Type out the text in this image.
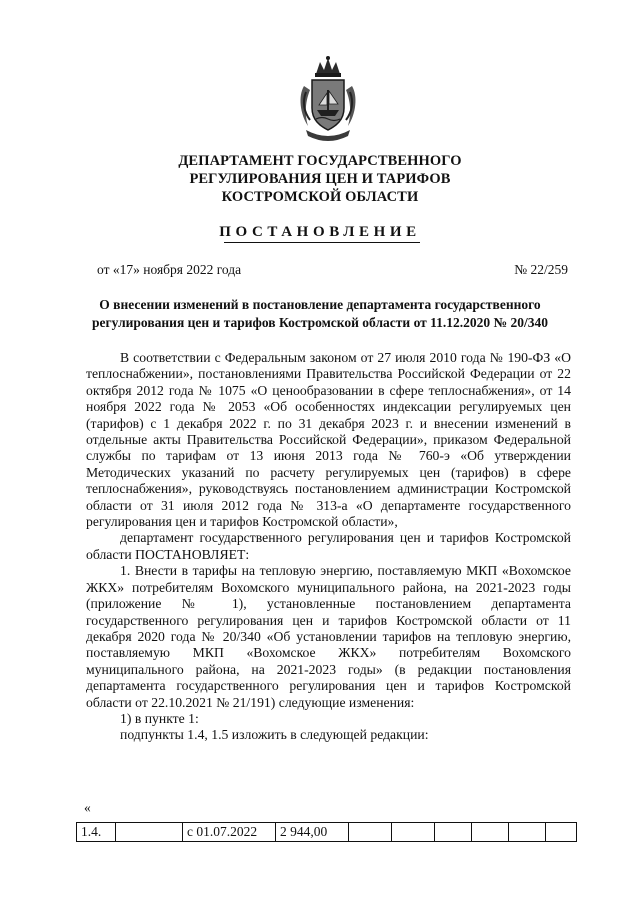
ДЕПАРТАМЕНТ ГОСУДАРСТВЕННОГО
РЕГУЛИРОВАНИЯ ЦЕН И ТАРИФОВ
КОСТРОМСКОЙ ОБЛАСТИ
ПОСТАНОВЛЕНИЕ
от «17» ноября 2022 года	№ 22/259
О внесении изменений в постановление департамента государственного
регулирования цен и тарифов Костромской области от 11.12.2020 № 20/340

В соответствии с Федеральным законом от 27 июля 2010 года № 190-ФЗ «О теплоснабжении», постановлениями Правительства Российской Федерации от 22 октября 2012 года № 1075 «О ценообразовании в сфере теплоснабжения», от 14 ноября 2022 года № 2053 «Об особенностях индексации регулируемых цен (тарифов) с 1 декабря 2022 г. по 31 декабря 2023 г. и внесении изменений в отдельные акты Правительства Российской Федерации», приказом Федеральной службы по тарифам от 13 июня 2013 года № 760-э «Об утверждении Методических указаний по расчету регулируемых цен (тарифов) в сфере теплоснабжения», руководствуясь постановлением администрации Костромской области от 31 июля 2012 года № 313-а «О департаменте государственного регулирования цен и тарифов Костромской области»,

департамент государственного регулирования цен и тарифов Костромской области ПОСТАНОВЛЯЕТ:

1. Внести в тарифы на тепловую энергию, поставляемую МКП «Вохомское ЖКХ» потребителям Вохомского муниципального района, на 2021-2023 годы (приложение № 1), установленные постановлением департамента государственного регулирования цен и тарифов Костромской области от 11 декабря 2020 года № 20/340 «Об установлении тарифов на тепловую энергию, поставляемую МКП «Вохомское ЖКХ» потребителям Вохомского муниципального района, на 2021-2023 годы» (в редакции постановления департамента государственного регулирования цен и тарифов Костромской области от 22.10.2021 № 21/191) следующие изменения:

1) в пункте 1:

подпункты 1.4, 1.5 изложить в следующей редакции:

«
1.4.		с 01.07.2022	2 944,00						
